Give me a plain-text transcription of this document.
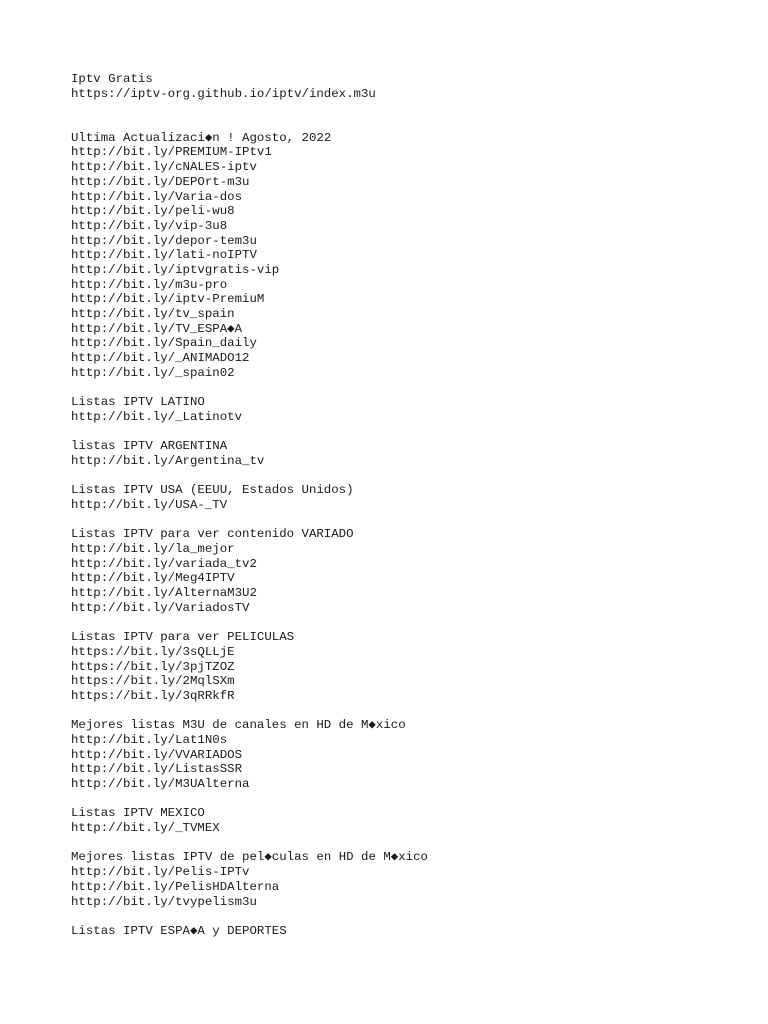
Iptv Gratis
https://iptv-org.github.io/iptv/index.m3u
Ultima Actualizaci◆n ! Agosto, 2022
http://bit.ly/PREMIUM-IPtv1
http://bit.ly/cNALES-iptv
http://bit.ly/DEPOrt-m3u
http://bit.ly/Varia-dos
http://bit.ly/peli-wu8
http://bit.ly/vip-3u8
http://bit.ly/depor-tem3u
http://bit.ly/lati-noIPTV
http://bit.ly/iptvgratis-vip
http://bit.ly/m3u-pro
http://bit.ly/iptv-PremiuM
http://bit.ly/tv_spain
http://bit.ly/TV_ESPA◆A
http://bit.ly/Spain_daily
http://bit.ly/_ANIMADO12
http://bit.ly/_spain02
Listas IPTV LATINO
http://bit.ly/_Latinotv
listas IPTV ARGENTINA
http://bit.ly/Argentina_tv
Listas IPTV USA (EEUU, Estados Unidos)
http://bit.ly/USA-_TV
Listas IPTV para ver contenido VARIADO
http://bit.ly/la_mejor
http://bit.ly/variada_tv2
http://bit.ly/Meg4IPTV
http://bit.ly/AlternaM3U2
http://bit.ly/VariadosTV
Listas IPTV para ver PELICULAS
https://bit.ly/3sQLLjE
https://bit.ly/3pjTZOZ
https://bit.ly/2MqlSXm
https://bit.ly/3qRRkfR
Mejores listas M3U de canales en HD de M◆xico
http://bit.ly/Lat1N0s
http://bit.ly/VVARIADOS
http://bit.ly/ListasSSR
http://bit.ly/M3UAlterna
Listas IPTV MEXICO
http://bit.ly/_TVMEX
Mejores listas IPTV de pel◆culas en HD de M◆xico
http://bit.ly/Pelis-IPTv
http://bit.ly/PelisHDAlterna
http://bit.ly/tvypelism3u
Listas IPTV ESPA◆A y DEPORTES
